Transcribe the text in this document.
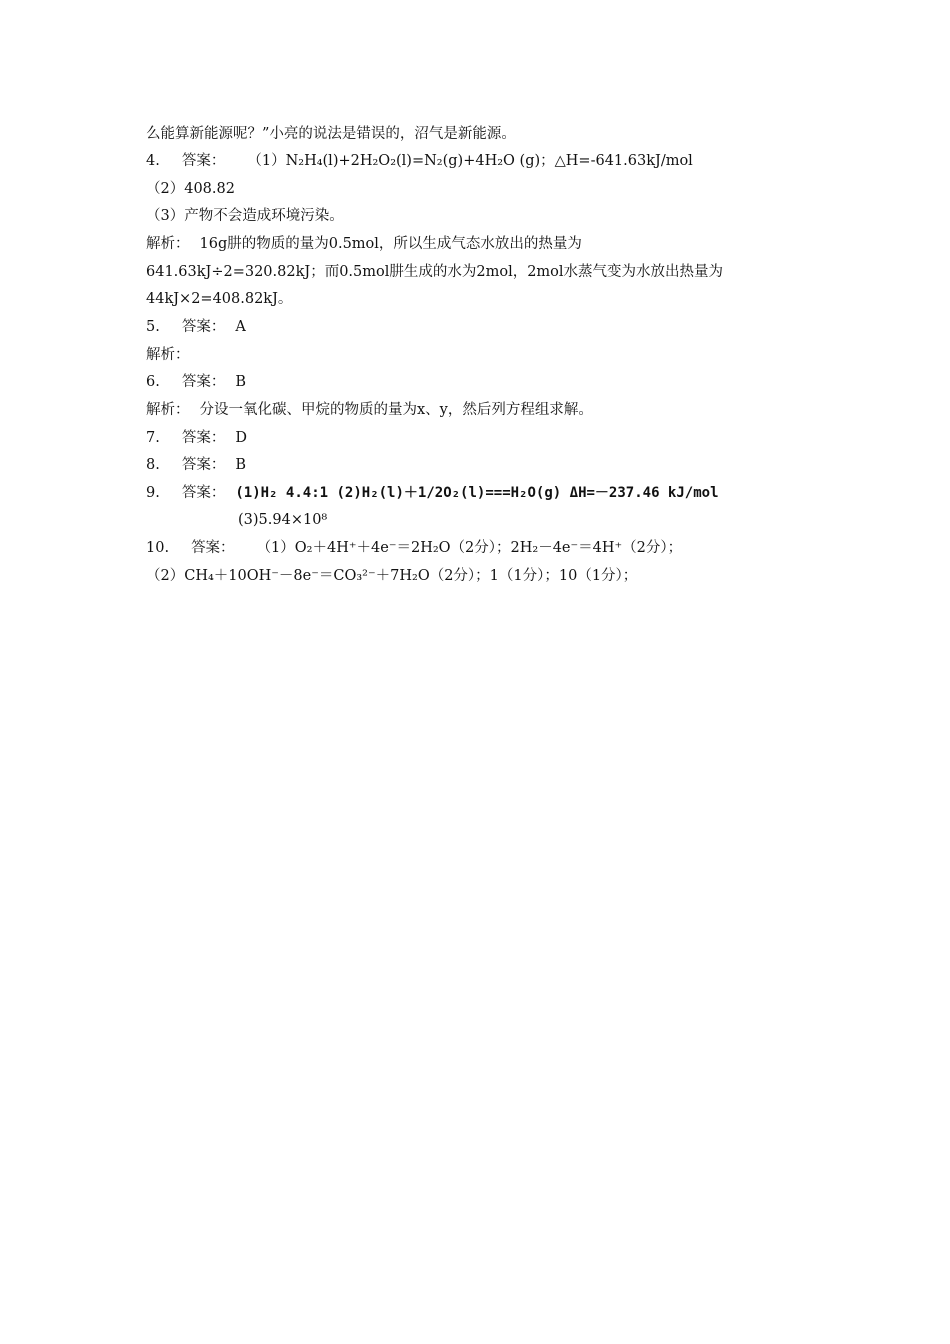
么能算新能源呢？”小亮的说法是错误的，沼气是新能源。
4. 答案： （1）N₂H₄(l)+2H₂O₂(l)=N₂(g)+4H₂O (g)；△H=-641.63kJ/mol
（2）408.82
（3）产物不会造成环境污染。
解析： 16g肼的物质的量为0.5mol，所以生成气态水放出的热量为
641.63kJ÷2=320.82kJ；而0.5mol肼生成的水为2mol，2mol水蒸气变为水放出热量为
44kJ×2=408.82kJ。
5. 答案： A
解析：
6. 答案： B
解析： 分设一氧化碳、甲烷的物质的量为x、y，然后列方程组求解。
7. 答案： D
8. 答案： B
9. 答案： (1)H₂ 4.4:1 (2)H₂(l)＋1/2O₂(l)===H₂O(g) ΔH=－237.46 kJ/mol
(3)5.94×10⁸
10. 答案： （1）O₂＋4H⁺＋4e⁻＝2H₂O（2分）；2H₂－4e⁻＝4H⁺（2分）；
（2）CH₄＋10OH⁻－8e⁻＝CO₃²⁻＋7H₂O（2分）；1（1分）；10（1分）；
